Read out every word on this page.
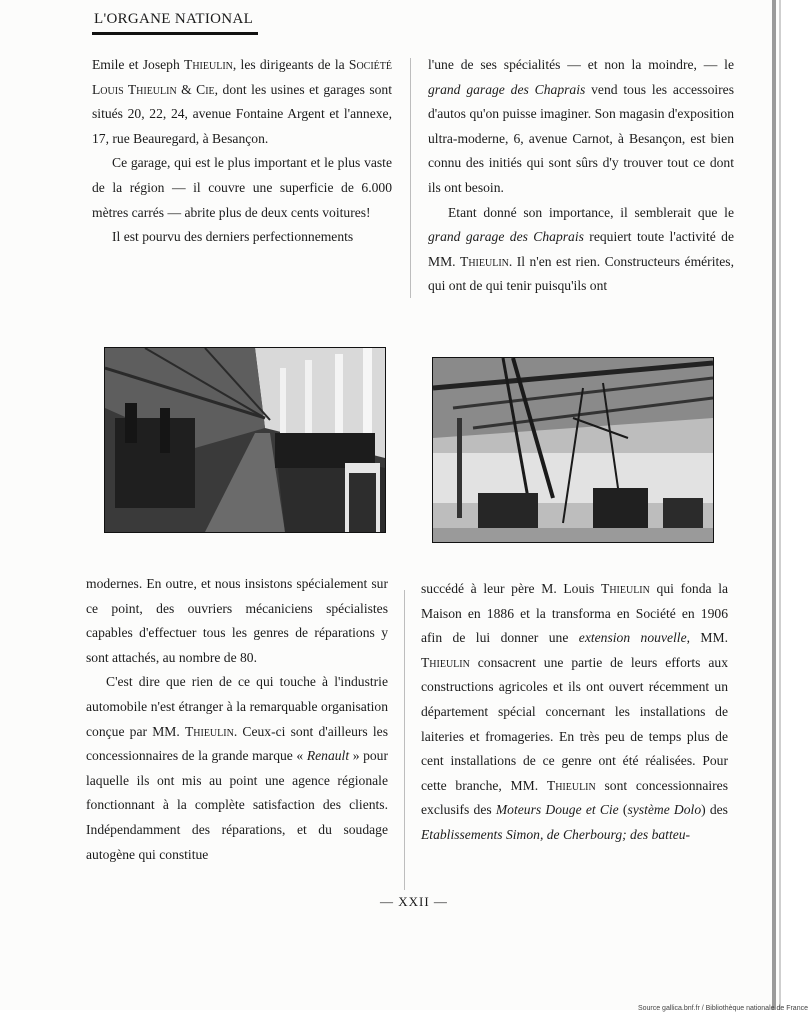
L'ORGANE NATIONAL

Emile et Joseph Thieulin, les dirigeants de la Société Louis Thieulin & Cie, dont les usines et garages sont situés 20, 22, 24, avenue Fontaine Argent et l'annexe, 17, rue Beauregard, à Besançon.

Ce garage, qui est le plus important et le plus vaste de la région — il couvre une superficie de 6.000 mètres carrés — abrite plus de deux cents voitures!

Il est pourvu des derniers perfectionnements

l'une de ses spécialités — et non la moindre, — le grand garage des Chaprais vend tous les accessoires d'autos qu'on puisse imaginer. Son magasin d'exposition ultra-moderne, 6, avenue Carnot, à Besançon, est bien connu des initiés qui sont sûrs d'y trouver tout ce dont ils ont besoin.

Etant donné son importance, il semblerait que le grand garage des Chaprais requiert toute l'activité de MM. Thieulin. Il n'en est rien. Constructeurs émérites, qui ont de qui tenir puisqu'ils ont

modernes. En outre, et nous insistons spécialement sur ce point, des ouvriers mécaniciens spécialistes capables d'effectuer tous les genres de réparations y sont attachés, au nombre de 80.

C'est dire que rien de ce qui touche à l'industrie automobile n'est étranger à la remarquable organisation conçue par MM. Thieulin. Ceux-ci sont d'ailleurs les concessionnaires de la grande marque « Renault » pour laquelle ils ont mis au point une agence régionale fonctionnant à la complète satisfaction des clients. Indépendamment des réparations, et du soudage autogène qui constitue

succédé à leur père M. Louis Thieulin qui fonda la Maison en 1886 et la transforma en Société en 1906 afin de lui donner une extension nouvelle, MM. Thieulin consacrent une partie de leurs efforts aux constructions agricoles et ils ont ouvert récemment un département spécial concernant les installations de laiteries et fromageries. En très peu de temps plus de cent installations de ce genre ont été réalisées. Pour cette branche, MM. Thieulin sont concessionnaires exclusifs des Moteurs Douge et Cie (système Dolo) des Etablissements Simon, de Cherbourg; des batteu-

— XXII —
Source gallica.bnf.fr / Bibliothèque nationale de France
